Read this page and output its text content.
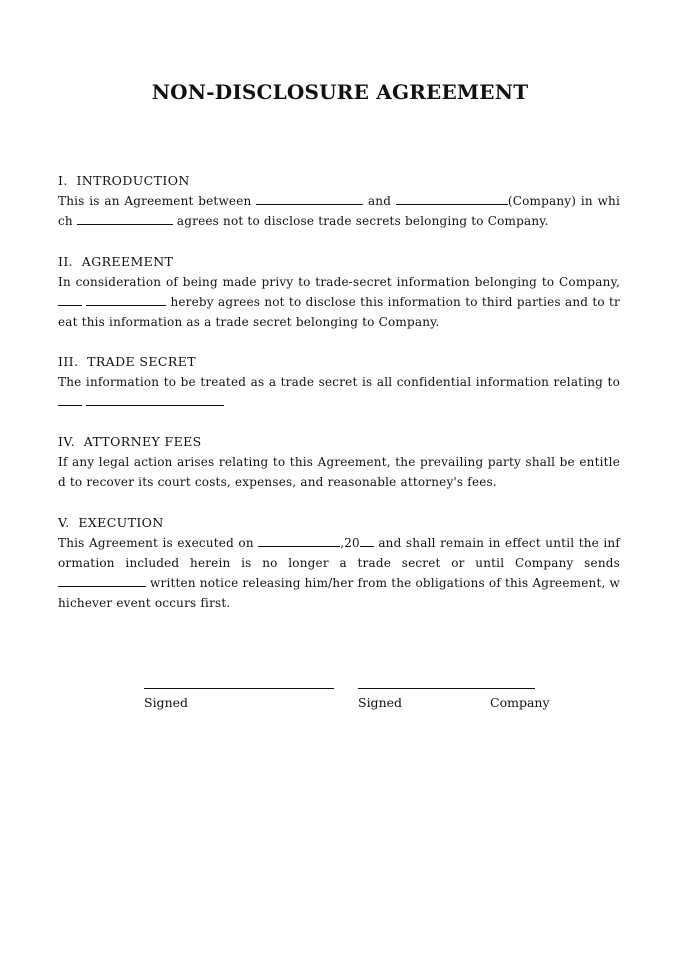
NON-DISCLOSURE AGREEMENT
I.  INTRODUCTION
This is an Agreement between	and	(Company) in which	agrees not to disclose trade secrets belonging to Company.
II.  AGREEMENT
In consideration of being made privy to trade-secret information belonging to Company,   hereby agrees not to disclose this information to third parties and to treat this information as a trade secret belonging to Company.
III.  TRADE SECRET
The information to be treated as a trade secret is all confidential information relating to
IV.  ATTORNEY FEES
If any legal action arises relating to this Agreement, the prevailing party shall be entitled to recover its court costs, expenses, and reasonable attorney's fees.
V.  EXECUTION
This Agreement is executed on	,20 and shall remain in effect until the information included herein is no longer a trade secret or until Company sends  written notice releasing him/her from the obligations of this Agreement, whichever event occurs first.
Signed	Signed	Company
